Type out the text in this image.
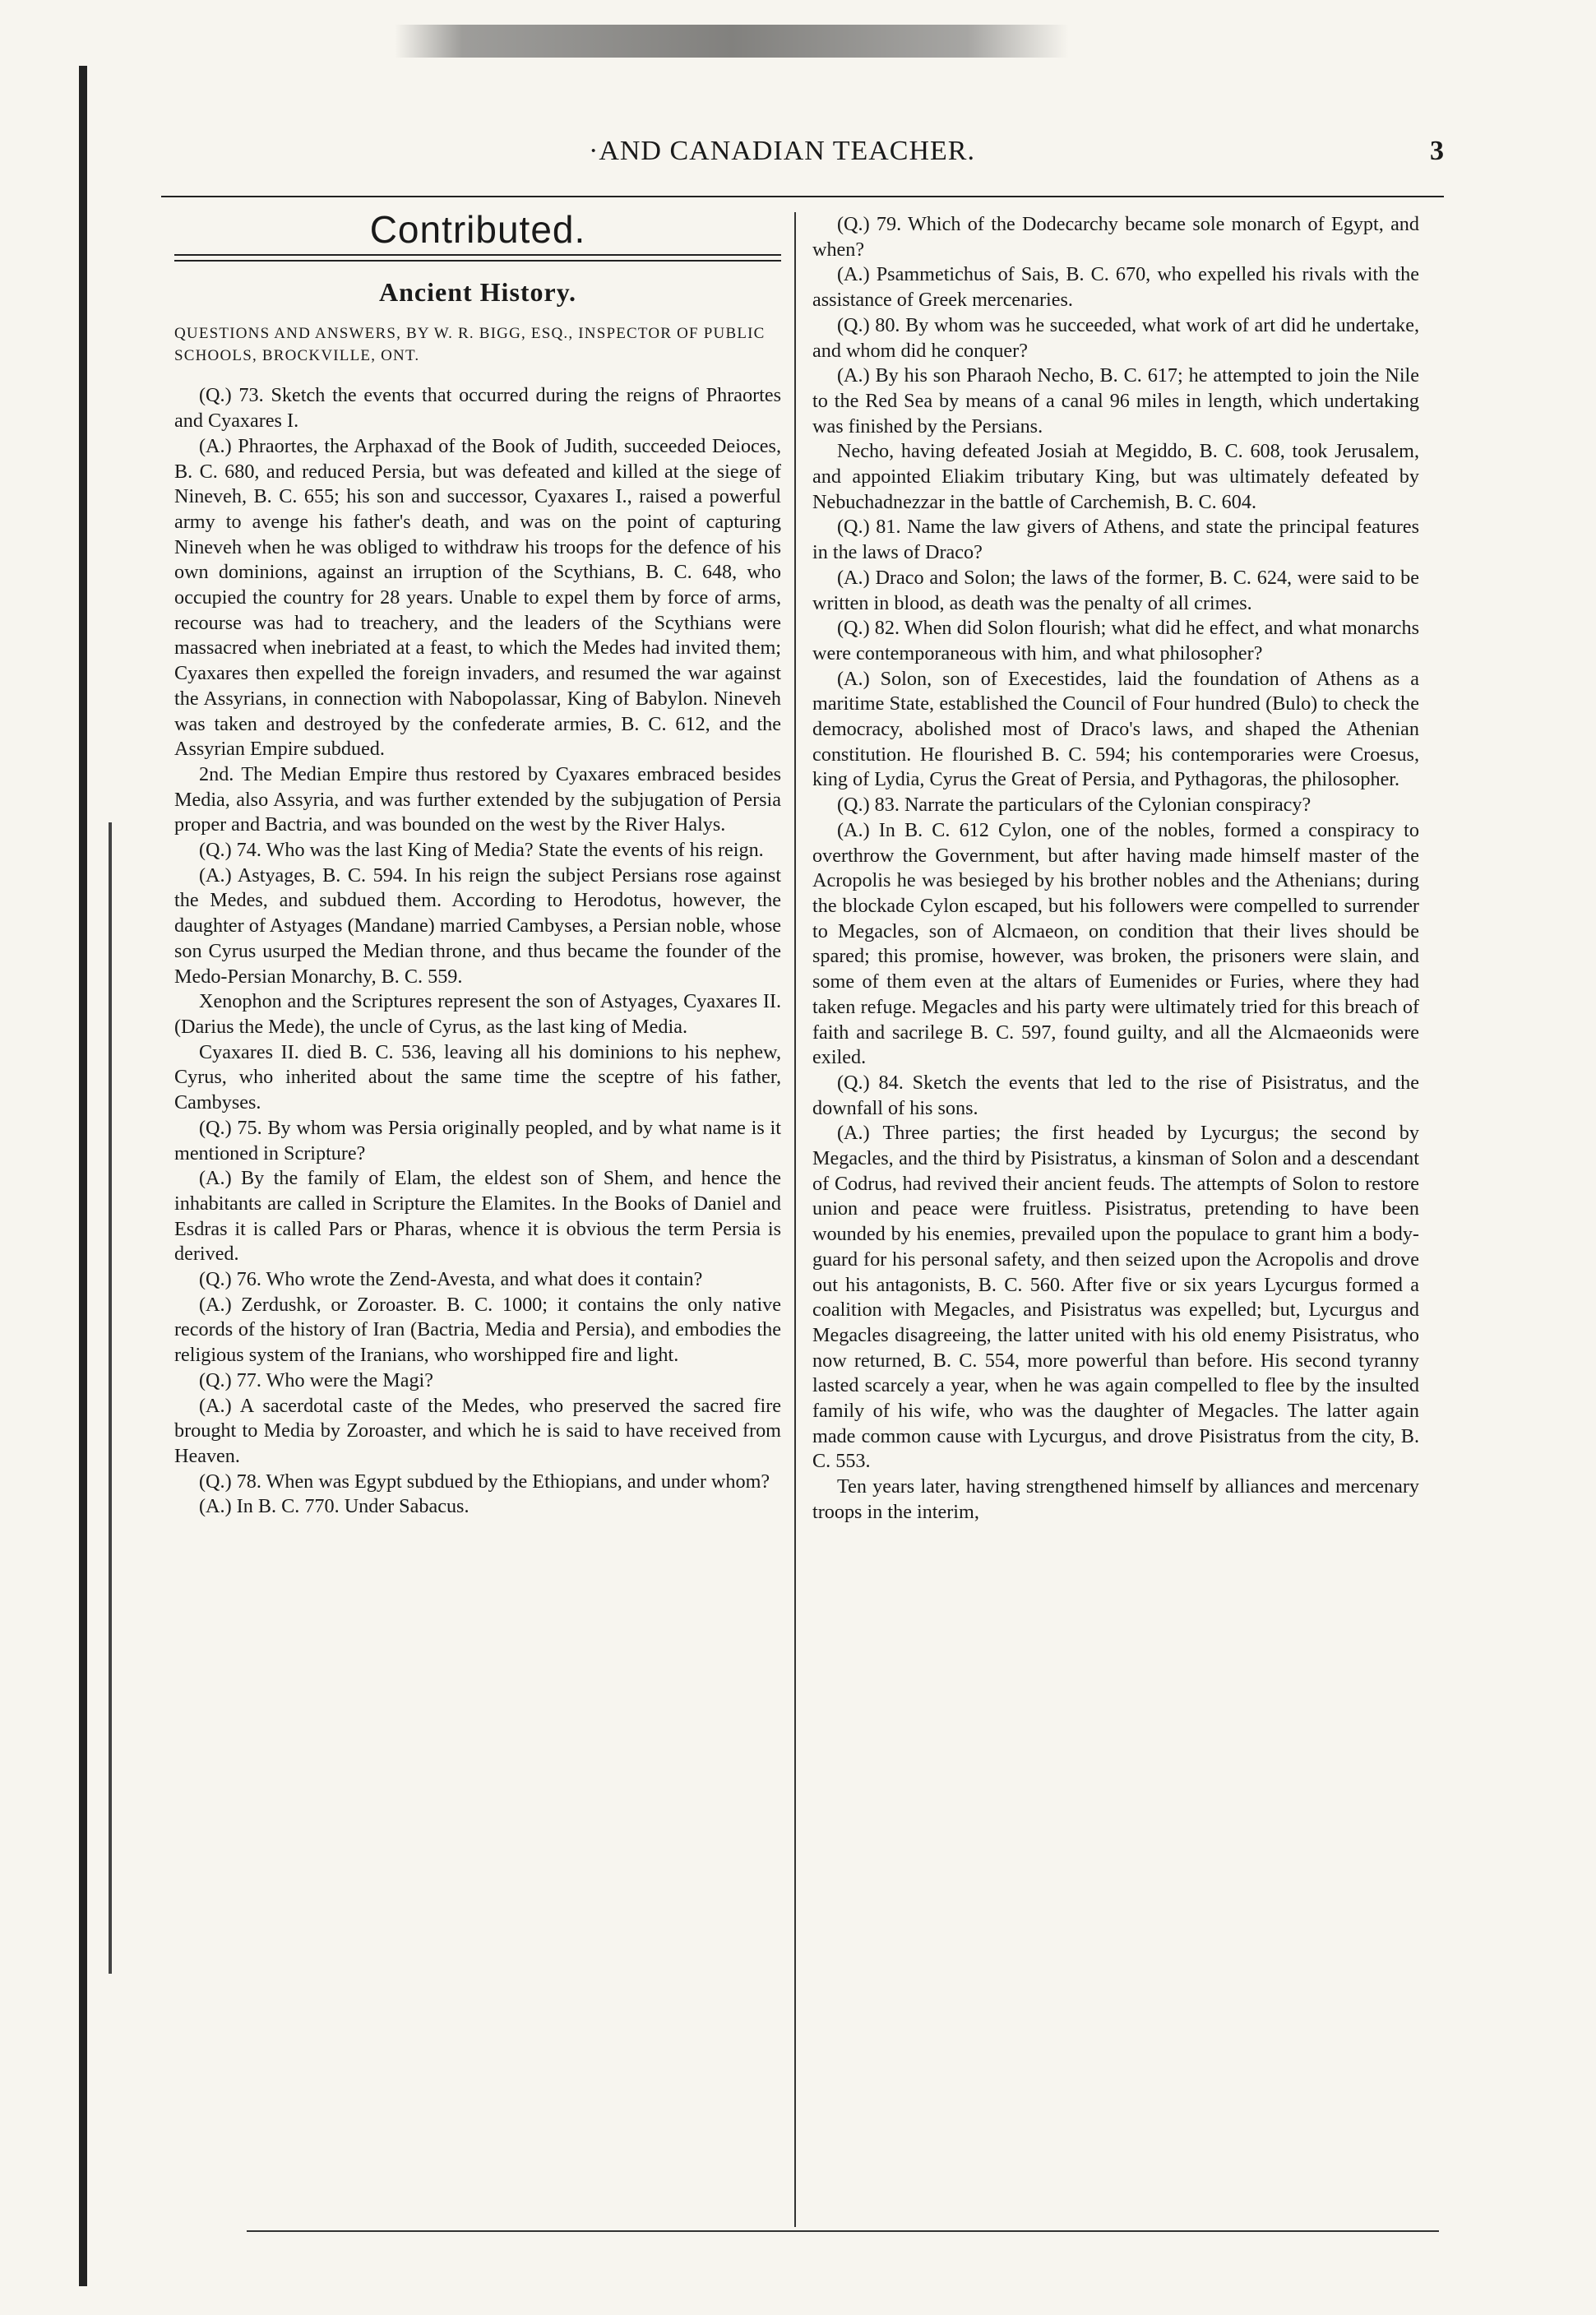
·AND CANADIAN TEACHER.	3
Contributed.
Ancient History.
QUESTIONS AND ANSWERS, BY W. R. BIGG, ESQ., INSPECTOR OF PUBLIC SCHOOLS, BROCKVILLE, ONT.

(Q.) 73. Sketch the events that occurred during the reigns of Phraortes and Cyaxares I.

(A.) Phraortes, the Arphaxad of the Book of Judith, succeeded Deioces, B. C. 680, and reduced Persia, but was defeated and killed at the siege of Nineveh, B. C. 655; his son and successor, Cyaxares I., raised a powerful army to avenge his father's death, and was on the point of capturing Nineveh when he was obliged to withdraw his troops for the defence of his own dominions, against an irruption of the Scythians, B. C. 648, who occupied the country for 28 years. Unable to expel them by force of arms, recourse was had to treachery, and the leaders of the Scythians were massacred when inebriated at a feast, to which the Medes had invited them; Cyaxares then expelled the foreign invaders, and resumed the war against the Assyrians, in connection with Nabopolassar, King of Babylon. Nineveh was taken and destroyed by the confederate armies, B. C. 612, and the Assyrian Empire subdued.

2nd. The Median Empire thus restored by Cyaxares embraced besides Media, also Assyria, and was further extended by the subjugation of Persia proper and Bactria, and was bounded on the west by the River Halys.

(Q.) 74. Who was the last King of Media? State the events of his reign.

(A.) Astyages, B. C. 594. In his reign the subject Persians rose against the Medes, and subdued them. According to Herodotus, however, the daughter of Astyages (Mandane) married Cambyses, a Persian noble, whose son Cyrus usurped the Median throne, and thus became the founder of the Medo-Persian Monarchy, B. C. 559.

Xenophon and the Scriptures represent the son of Astyages, Cyaxares II. (Darius the Mede), the uncle of Cyrus, as the last king of Media.

Cyaxares II. died B. C. 536, leaving all his dominions to his nephew, Cyrus, who inherited about the same time the sceptre of his father, Cambyses.

(Q.) 75. By whom was Persia originally peopled, and by what name is it mentioned in Scripture?

(A.) By the family of Elam, the eldest son of Shem, and hence the inhabitants are called in Scripture the Elamites. In the Books of Daniel and Esdras it is called Pars or Pharas, whence it is obvious the term Persia is derived.

(Q.) 76. Who wrote the Zend-Avesta, and what does it contain?

(A.) Zerdushk, or Zoroaster. B. C. 1000; it contains the only native records of the history of Iran (Bactria, Media and Persia), and embodies the religious system of the Iranians, who worshipped fire and light.

(Q.) 77. Who were the Magi?

(A.) A sacerdotal caste of the Medes, who preserved the sacred fire brought to Media by Zoroaster, and which he is said to have received from Heaven.

(Q.) 78. When was Egypt subdued by the Ethiopians, and under whom?

(A.) In B. C. 770. Under Sabacus.

(Q.) 79. Which of the Dodecarchy became sole monarch of Egypt, and when?

(A.) Psammetichus of Sais, B. C. 670, who expelled his rivals with the assistance of Greek mercenaries.

(Q.) 80. By whom was he succeeded, what work of art did he undertake, and whom did he conquer?

(A.) By his son Pharaoh Necho, B. C. 617; he attempted to join the Nile to the Red Sea by means of a canal 96 miles in length, which undertaking was finished by the Persians.

Necho, having defeated Josiah at Megiddo, B. C. 608, took Jerusalem, and appointed Eliakim tributary King, but was ultimately defeated by Nebuchadnezzar in the battle of Carchemish, B. C. 604.

(Q.) 81. Name the law givers of Athens, and state the principal features in the laws of Draco?

(A.) Draco and Solon; the laws of the former, B. C. 624, were said to be written in blood, as death was the penalty of all crimes.

(Q.) 82. When did Solon flourish; what did he effect, and what monarchs were contemporaneous with him, and what philosopher?

(A.) Solon, son of Execestides, laid the foundation of Athens as a maritime State, established the Council of Four hundred (Bulo) to check the democracy, abolished most of Draco's laws, and shaped the Athenian constitution. He flourished B. C. 594; his contemporaries were Croesus, king of Lydia, Cyrus the Great of Persia, and Pythagoras, the philosopher.

(Q.) 83. Narrate the particulars of the Cylonian conspiracy?

(A.) In B. C. 612 Cylon, one of the nobles, formed a conspiracy to overthrow the Government, but after having made himself master of the Acropolis he was besieged by his brother nobles and the Athenians; during the blockade Cylon escaped, but his followers were compelled to surrender to Megacles, son of Alcmaeon, on condition that their lives should be spared; this promise, however, was broken, the prisoners were slain, and some of them even at the altars of Eumenides or Furies, where they had taken refuge. Megacles and his party were ultimately tried for this breach of faith and sacrilege B. C. 597, found guilty, and all the Alcmaeonids were exiled.

(Q.) 84. Sketch the events that led to the rise of Pisistratus, and the downfall of his sons.

(A.) Three parties; the first headed by Lycurgus; the second by Megacles, and the third by Pisistratus, a kinsman of Solon and a descendant of Codrus, had revived their ancient feuds. The attempts of Solon to restore union and peace were fruitless. Pisistratus, pretending to have been wounded by his enemies, prevailed upon the populace to grant him a body-guard for his personal safety, and then seized upon the Acropolis and drove out his antagonists, B. C. 560. After five or six years Lycurgus formed a coalition with Megacles, and Pisistratus was expelled; but, Lycurgus and Megacles disagreeing, the latter united with his old enemy Pisistratus, who now returned, B. C. 554, more powerful than before. His second tyranny lasted scarcely a year, when he was again compelled to flee by the insulted family of his wife, who was the daughter of Megacles. The latter again made common cause with Lycurgus, and drove Pisistratus from the city, B. C. 553.

Ten years later, having strengthened himself by alliances and mercenary troops in the interim,
